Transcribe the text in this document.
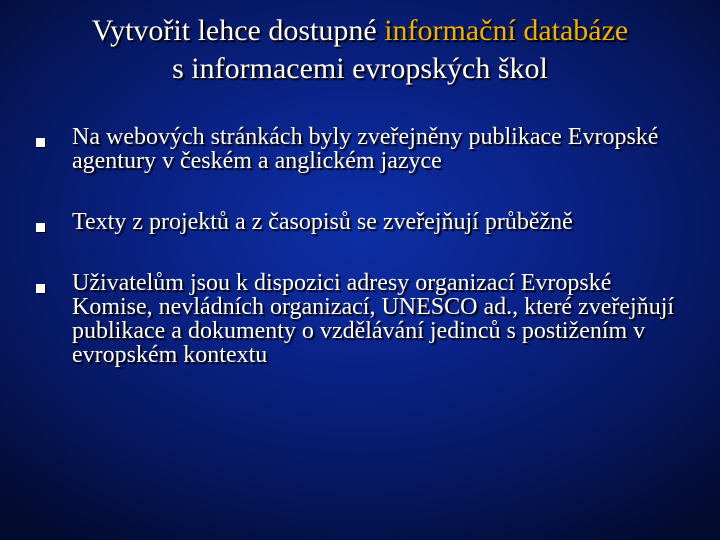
Vytvořit lehce dostupné informační databáze
s informacemi evropských škol
Na webových stránkách byly zveřejněny publikace Evropské agentury v českém a anglickém jazyce
Texty z projektů a z časopisů se zveřejňují průběžně
Uživatelům jsou k dispozici adresy organizací Evropské Komise, nevládních organizací, UNESCO ad., které zveřejňují publikace a dokumenty o vzdělávání jedinců s postižením v evropském kontextu
